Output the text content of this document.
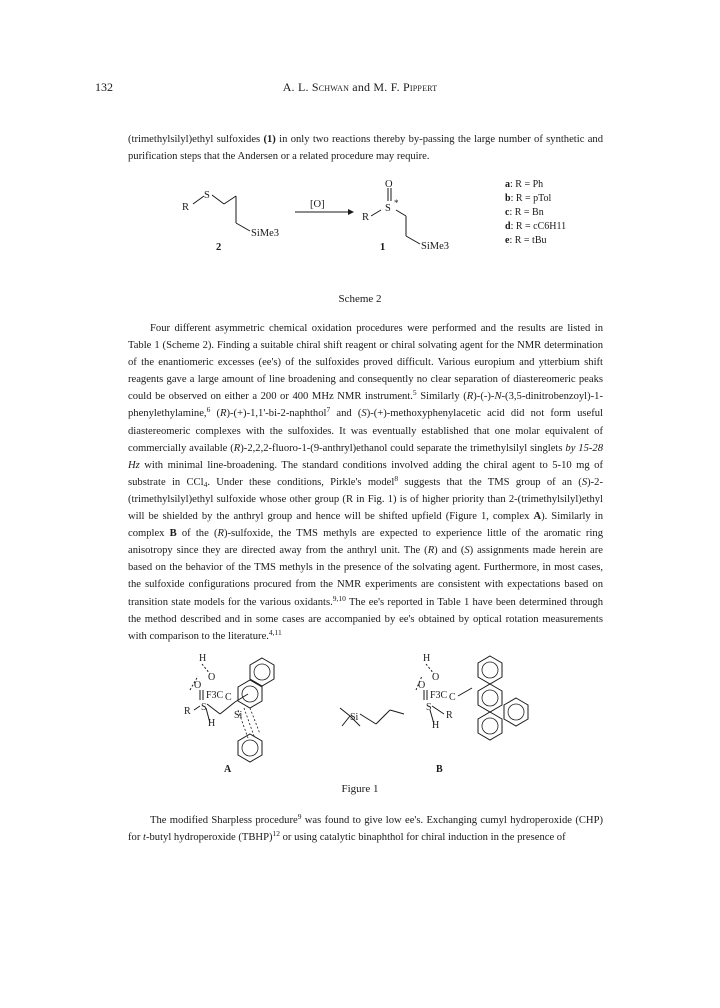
132	A. L. Schwan and M. F. Pippert

(trimethylsilyl)ethyl sulfoxides (1) in only two reactions thereby by-passing the large number of synthetic and purification steps that the Andersen or a related procedure may require.

R
S
SiMe3
2
[O]
O
R
S *
SiMe3
1
a: R = Ph
b: R = pTol
c: R = Bn
d: R = cC6H11
e: R = tBu
Scheme 2

Four different asymmetric chemical oxidation procedures were performed and the results are listed in Table 1 (Scheme 2). Finding a suitable chiral shift reagent or chiral solvating agent for the NMR determination of the enantiomeric excesses (ee's) of the sulfoxides proved difficult. Various europium and ytterbium shift reagents gave a large amount of line broadening and consequently no clear separation of diastereomeric peaks could be observed on either a 200 or 400 MHz NMR instrument.$^5$ Similarly (R)-(-)-N-(3,5-dinitrobenzoyl)-1-phenylethylamine,$^6$ (R)-(+)-1,1'-bi-2-naphthol$^7$ and (S)-(+)-methoxyphenylacetic acid did not form useful diastereomeric complexes with the sulfoxides. It was eventually established that one molar equivalent of commercially available (R)-2,2,2-fluoro-1-(9-anthryl)ethanol could separate the trimethylsilyl singlets by 15-28 Hz with minimal line-broadening. The standard conditions involved adding the chiral agent to 5-10 mg of substrate in CCl$_4$. Under these conditions, Pirkle's model$^8$ suggests that the TMS group of an (S)-2-(trimethylsilyl)ethyl sulfoxide whose other group (R in Fig. 1) is of higher priority than 2-(trimethylsilyl)ethyl will be shielded by the anthryl group and hence will be shifted upfield (Figure 1, complex A). Similarly in complex B of the (R)-sulfoxide, the TMS methyls are expected to experience little of the aromatic ring anisotropy since they are directed away from the anthryl unit. The (R) and (S) assignments made herein are based on the behavior of the TMS methyls in the presence of the solvating agent. Furthermore, in most cases, the sulfoxide configurations procured from the NMR experiments are consistent with expectations based on transition state models for the various oxidants.$^{9,10}$ The ee's reported in Table 1 have been determined through the method described and in some cases are accompanied by ee's obtained by optical rotation measurements with comparison to the literature.$^{4,11}$

H
O
O
F3C C
S
R
H
Si
A
Si
H
O
O
F3C C
S
R
H
B
Figure 1

The modified Sharpless procedure$^9$ was found to give low ee's. Exchanging cumyl hydroperoxide (CHP) for t-butyl hydroperoxide (TBHP)$^{12}$ or using catalytic binaphthol for chiral induction in the presence of
